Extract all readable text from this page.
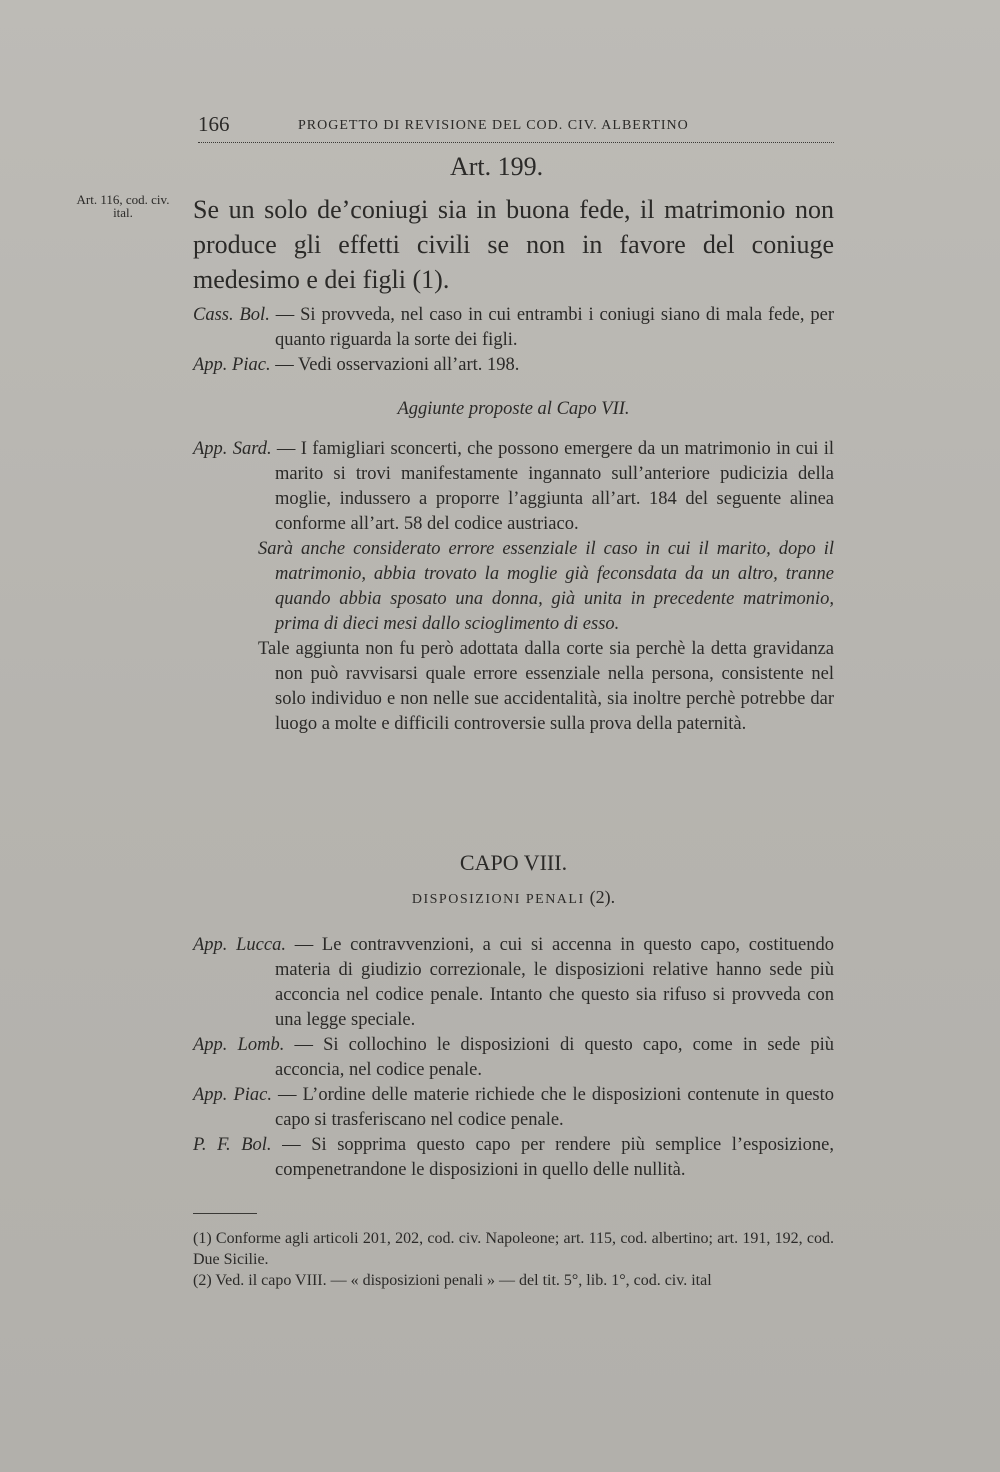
166	PROGETTO DI REVISIONE DEL COD. CIV. ALBERTINO
Art. 116, cod. civ.
ital.
Art. 199.
Se un solo de’coniugi sia in buona fede, il matrimonio non produce gli effetti civili se non in favore del coniuge medesimo e dei figli (1).
Cass. Bol. — Si provveda, nel caso in cui entrambi i coniugi siano di mala fede, per quanto riguarda la sorte dei figli.
App. Piac. — Vedi osservazioni all’art. 198.
Aggiunte proposte al Capo VII.
App. Sard. — I famigliari sconcerti, che possono emergere da un matrimonio in cui il marito si trovi manifestamente ingannato sull’anteriore pudicizia della moglie, indussero a proporre l’aggiunta all’art. 184 del seguente alinea conforme all’art. 58 del codice austriaco.

Sarà anche considerato errore essenziale il caso in cui il marito, dopo il matrimonio, abbia trovato la moglie già feconsdata da un altro, tranne quando abbia sposato una donna, già unita in precedente matrimonio, prima di dieci mesi dallo scioglimento di esso.

Tale aggiunta non fu però adottata dalla corte sia perchè la detta gravidanza non può ravvisarsi quale errore essenziale nella persona, consistente nel solo individuo e non nelle sue accidentalità, sia inoltre perchè potrebbe dar luogo a molte e difficili controversie sulla prova della paternità.

CAPO VIII.
DISPOSIZIONI PENALI (2).
App. Lucca. — Le contravvenzioni, a cui si accenna in questo capo, costituendo materia di giudizio correzionale, le disposizioni relative hanno sede più acconcia nel codice penale. Intanto che questo sia rifuso si provveda con una legge speciale.
App. Lomb. — Si collochino le disposizioni di questo capo, come in sede più acconcia, nel codice penale.
App. Piac. — L’ordine delle materie richiede che le disposizioni contenute in questo capo si trasferiscano nel codice penale.
P. F. Bol. — Si sopprima questo capo per rendere più semplice l’esposizione, compenetrandone le disposizioni in quello delle nullità.

(1) Conforme agli articoli 201, 202, cod. civ. Napoleone; art. 115, cod. albertino; art. 191, 192, cod. Due Sicilie.

(2) Ved. il capo VIII. — « disposizioni penali » — del tit. 5°, lib. 1°, cod. civ. ital
